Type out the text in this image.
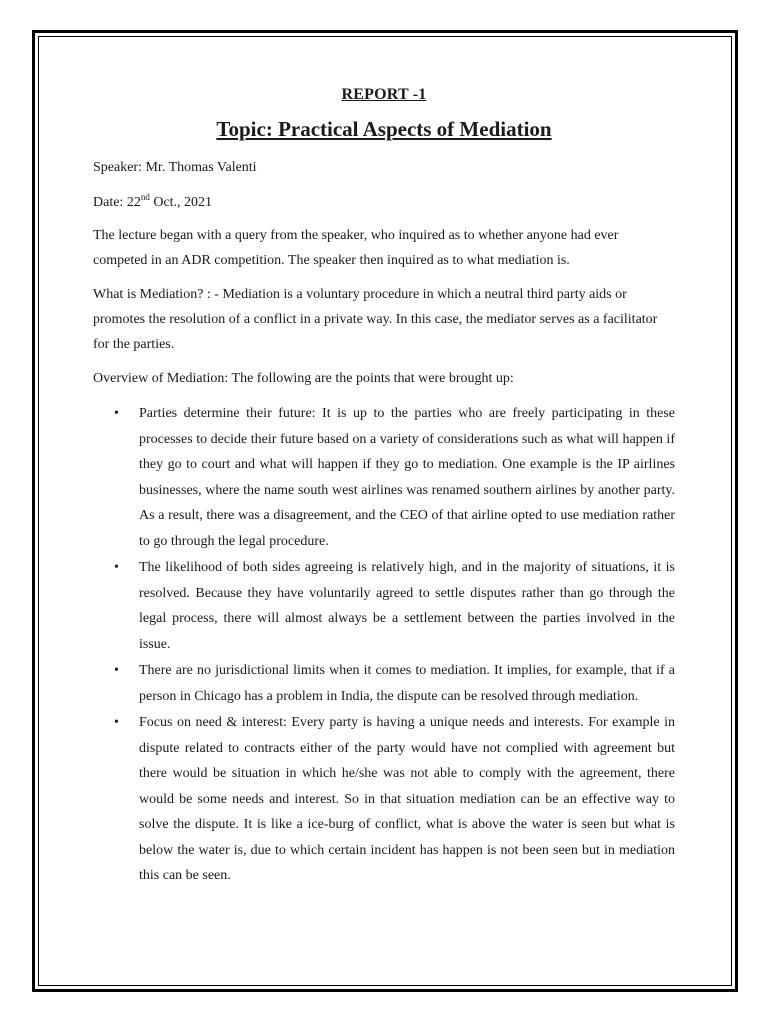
REPORT -1
Topic: Practical Aspects of Mediation

Speaker: Mr. Thomas Valenti

Date: 22nd Oct., 2021

The lecture began with a query from the speaker, who inquired as to whether anyone had ever competed in an ADR competition. The speaker then inquired as to what mediation is.

What is Mediation? : - Mediation is a voluntary procedure in which a neutral third party aids or promotes the resolution of a conflict in a private way. In this case, the mediator serves as a facilitator for the parties.

Overview of Mediation: The following are the points that were brought up:

• Parties determine their future: It is up to the parties who are freely participating in these processes to decide their future based on a variety of considerations such as what will happen if they go to court and what will happen if they go to mediation. One example is the IP airlines businesses, where the name south west airlines was renamed southern airlines by another party. As a result, there was a disagreement, and the CEO of that airline opted to use mediation rather to go through the legal procedure.
• The likelihood of both sides agreeing is relatively high, and in the majority of situations, it is resolved. Because they have voluntarily agreed to settle disputes rather than go through the legal process, there will almost always be a settlement between the parties involved in the issue.
• There are no jurisdictional limits when it comes to mediation. It implies, for example, that if a person in Chicago has a problem in India, the dispute can be resolved through mediation.
• Focus on need & interest: Every party is having a unique needs and interests. For example in dispute related to contracts either of the party would have not complied with agreement but there would be situation in which he/she was not able to comply with the agreement, there would be some needs and interest. So in that situation mediation can be an effective way to solve the dispute. It is like a ice-burg of conflict, what is above the water is seen but what is below the water is, due to which certain incident has happen is not been seen but in mediation this can be seen.
